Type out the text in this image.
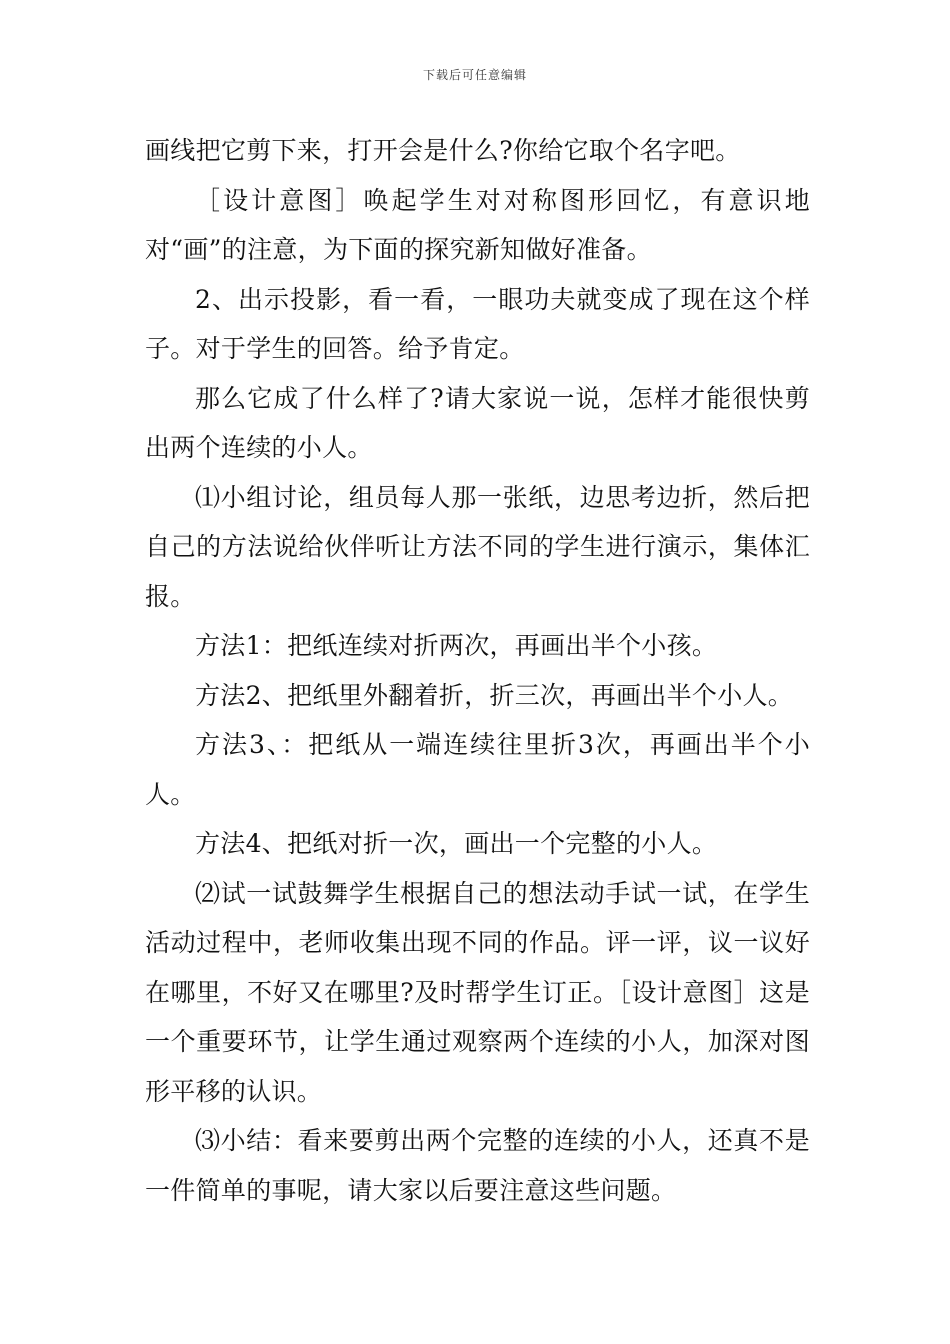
下载后可任意编辑

画线把它剪下来，打开会是什么?你给它取个名字吧。

［设计意图］唤起学生对对称图形回忆，有意识地对“画”的注意，为下面的探究新知做好准备。

2、出示投影，看一看，一眼功夫就变成了现在这个样子。对于学生的回答。给予肯定。

那么它成了什么样了?请大家说一说，怎样才能很快剪出两个连续的小人。

⑴小组讨论，组员每人那一张纸，边思考边折，然后把自己的方法说给伙伴听让方法不同的学生进行演示，集体汇报。

方法1：把纸连续对折两次，再画出半个小孩。

方法2、把纸里外翻着折，折三次，再画出半个小人。

方法3、：把纸从一端连续往里折3次，再画出半个小人。

方法4、把纸对折一次，画出一个完整的小人。

⑵试一试鼓舞学生根据自己的想法动手试一试，在学生活动过程中，老师收集出现不同的作品。评一评，议一议好在哪里，不好又在哪里?及时帮学生订正。［设计意图］这是一个重要环节，让学生通过观察两个连续的小人，加深对图形平移的认识。

⑶小结：看来要剪出两个完整的连续的小人，还真不是一件简单的事呢，请大家以后要注意这些问题。
